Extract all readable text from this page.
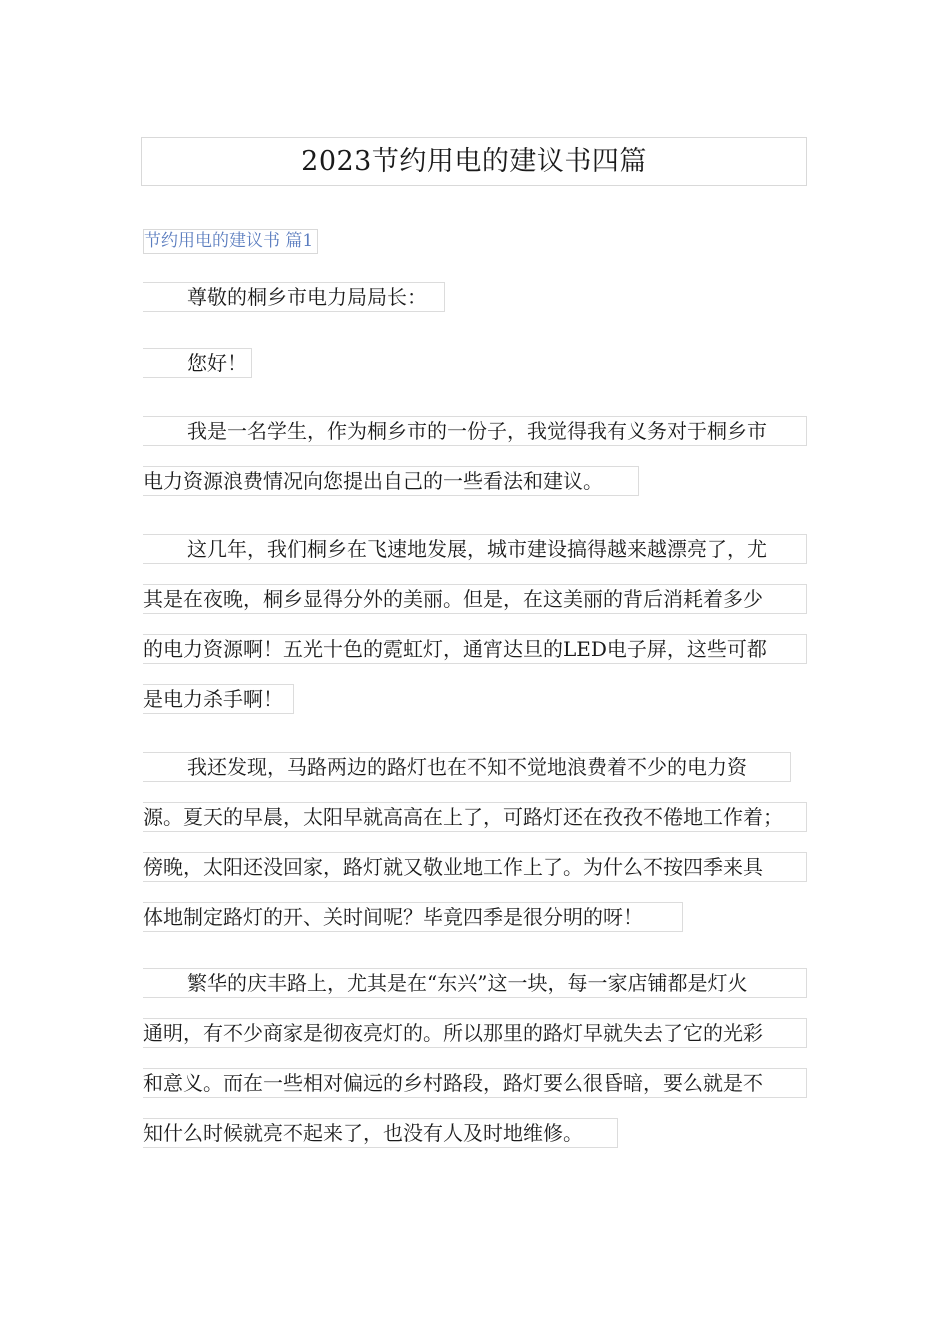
2023节约用电的建议书四篇
节约用电的建议书 篇1
尊敬的桐乡市电力局局长：
您好！
我是一名学生，作为桐乡市的一份子，我觉得我有义务对于桐乡市
电力资源浪费情况向您提出自己的一些看法和建议。
这几年，我们桐乡在飞速地发展，城市建设搞得越来越漂亮了，尤
其是在夜晚，桐乡显得分外的美丽。但是，在这美丽的背后消耗着多少
的电力资源啊！五光十色的霓虹灯，通宵达旦的LED电子屏，这些可都
是电力杀手啊！
我还发现，马路两边的路灯也在不知不觉地浪费着不少的电力资
源。夏天的早晨，太阳早就高高在上了，可路灯还在孜孜不倦地工作着；
傍晚，太阳还没回家，路灯就又敬业地工作上了。为什么不按四季来具
体地制定路灯的开、关时间呢？毕竟四季是很分明的呀！
繁华的庆丰路上，尤其是在“东兴”这一块，每一家店铺都是灯火
通明，有不少商家是彻夜亮灯的。所以那里的路灯早就失去了它的光彩
和意义。而在一些相对偏远的乡村路段，路灯要么很昏暗，要么就是不
知什么时候就亮不起来了，也没有人及时地维修。
